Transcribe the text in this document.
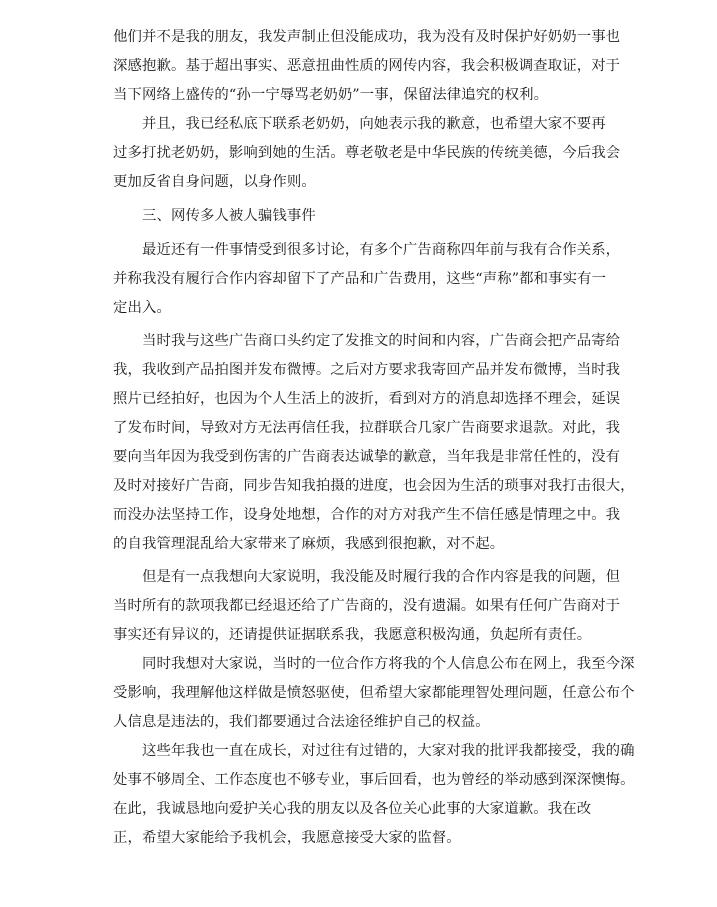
他们并不是我的朋友，我发声制止但没能成功，我为没有及时保护好奶奶一事也
深感抱歉。基于超出事实、恶意扭曲性质的网传内容，我会积极调查取证，对于
当下网络上盛传的“孙一宁辱骂老奶奶”一事，保留法律追究的权利。
　　并且，我已经私底下联系老奶奶，向她表示我的歉意，也希望大家不要再
过多打扰老奶奶，影响到她的生活。尊老敬老是中华民族的传统美德，今后我会
更加反省自身问题，以身作则。
　　三、网传多人被人骗钱事件
　　最近还有一件事情受到很多讨论，有多个广告商称四年前与我有合作关系，
并称我没有履行合作内容却留下了产品和广告费用，这些“声称”都和事实有一
定出入。
　　当时我与这些广告商口头约定了发推文的时间和内容，广告商会把产品寄给
我，我收到产品拍图并发布微博。之后对方要求我寄回产品并发布微博，当时我
照片已经拍好，也因为个人生活上的波折，看到对方的消息却选择不理会，延误
了发布时间，导致对方无法再信任我，拉群联合几家广告商要求退款。对此，我
要向当年因为我受到伤害的广告商表达诚挚的歉意，当年我是非常任性的，没有
及时对接好广告商，同步告知我拍摄的进度，也会因为生活的琐事对我打击很大，
而没办法坚持工作，设身处地想，合作的对方对我产生不信任感是情理之中。我
的自我管理混乱给大家带来了麻烦，我感到很抱歉，对不起。
　　但是有一点我想向大家说明，我没能及时履行我的合作内容是我的问题，但
当时所有的款项我都已经退还给了广告商的，没有遗漏。如果有任何广告商对于
事实还有异议的，还请提供证据联系我，我愿意积极沟通，负起所有责任。
　　同时我想对大家说，当时的一位合作方将我的个人信息公布在网上，我至今深
受影响，我理解他这样做是愤怒驱使，但希望大家都能理智处理问题，任意公布个
人信息是违法的，我们都要通过合法途径维护自己的权益。
　　这些年我也一直在成长，对过往有过错的，大家对我的批评我都接受，我的确
处事不够周全、工作态度也不够专业，事后回看，也为曾经的举动感到深深懊悔。
在此，我诚恳地向爱护关心我的朋友以及各位关心此事的大家道歉。我在改
正，希望大家能给予我机会，我愿意接受大家的监督。
